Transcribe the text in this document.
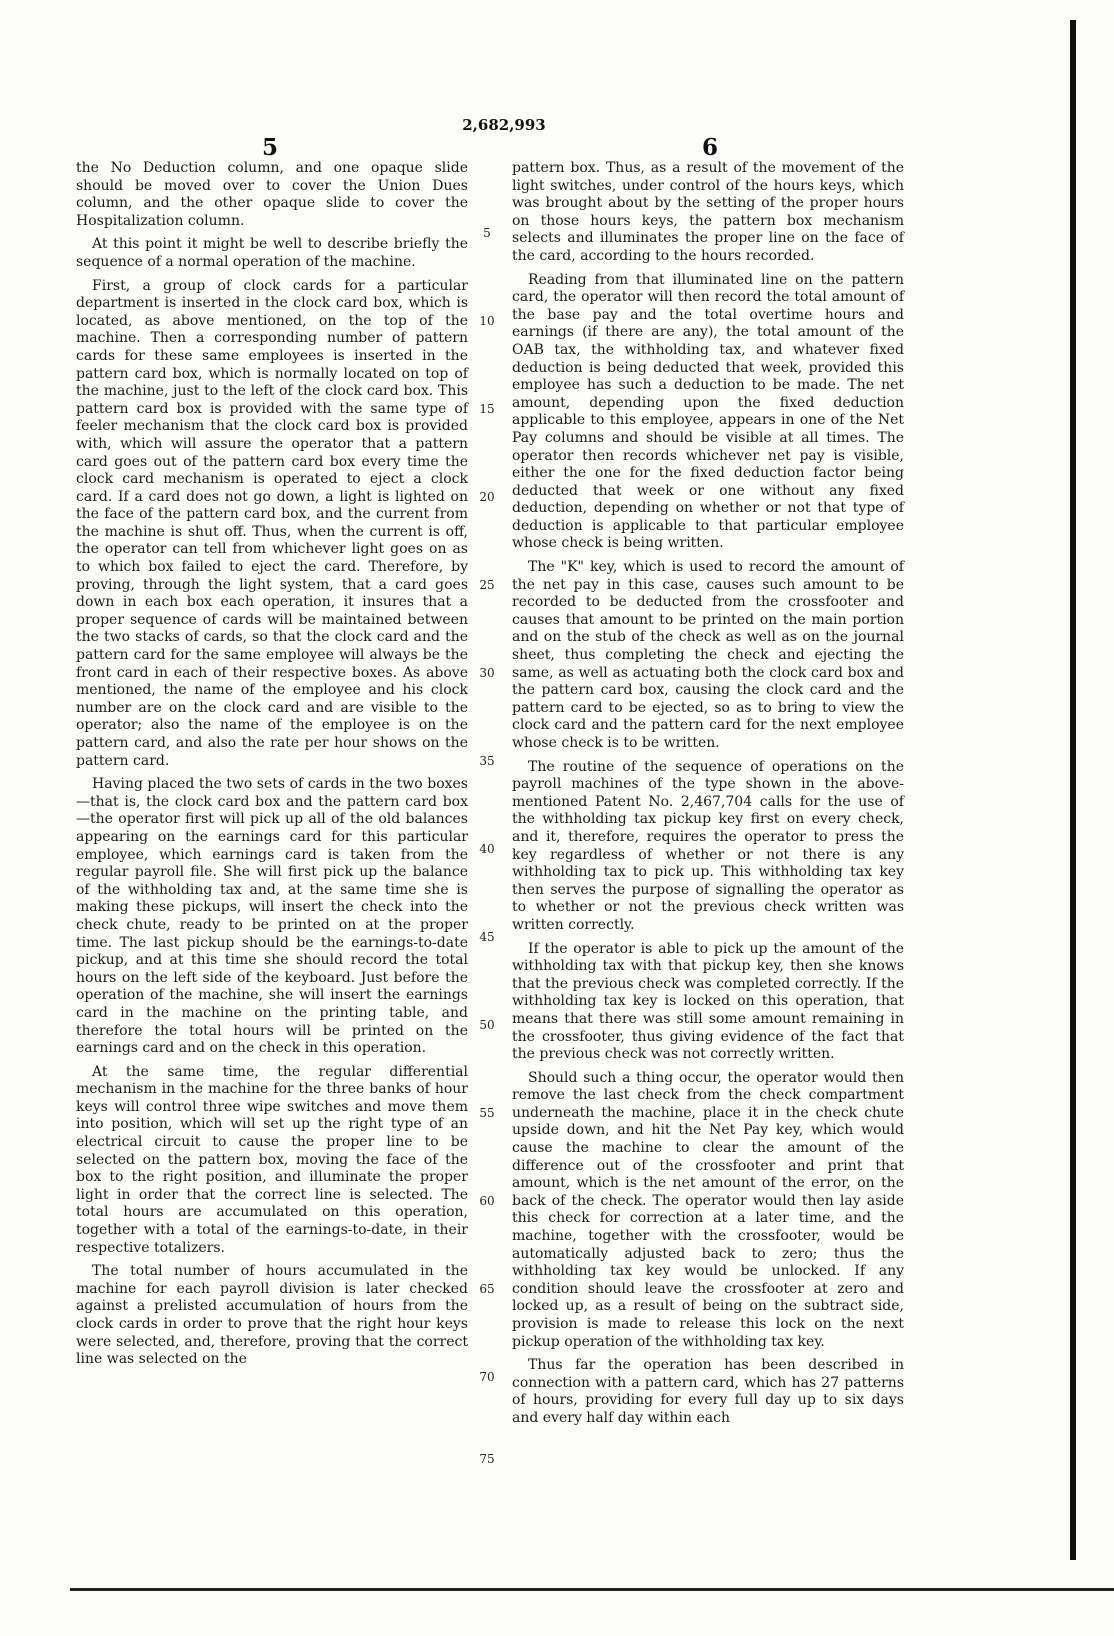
2,682,993
5	6

the No Deduction column, and one opaque slide should be moved over to cover the Union Dues column, and the other opaque slide to cover the Hospitalization column.

At this point it might be well to describe briefly the sequence of a normal operation of the machine.

First, a group of clock cards for a particular department is inserted in the clock card box, which is located, as above mentioned, on the top of the machine. Then a corresponding number of pattern cards for these same employees is inserted in the pattern card box, which is normally located on top of the machine, just to the left of the clock card box. This pattern card box is provided with the same type of feeler mechanism that the clock card box is provided with, which will assure the operator that a pattern card goes out of the pattern card box every time the clock card mechanism is operated to eject a clock card. If a card does not go down, a light is lighted on the face of the pattern card box, and the current from the machine is shut off. Thus, when the current is off, the operator can tell from whichever light goes on as to which box failed to eject the card. Therefore, by proving, through the light system, that a card goes down in each box each operation, it insures that a proper sequence of cards will be maintained between the two stacks of cards, so that the clock card and the pattern card for the same employee will always be the front card in each of their respective boxes. As above mentioned, the name of the employee and his clock number are on the clock card and are visible to the operator; also the name of the employee is on the pattern card, and also the rate per hour shows on the pattern card.

Having placed the two sets of cards in the two boxes—that is, the clock card box and the pattern card box—the operator first will pick up all of the old balances appearing on the earnings card for this particular employee, which earnings card is taken from the regular payroll file. She will first pick up the balance of the withholding tax and, at the same time she is making these pickups, will insert the check into the check chute, ready to be printed on at the proper time. The last pickup should be the earnings-to-date pickup, and at this time she should record the total hours on the left side of the keyboard. Just before the operation of the machine, she will insert the earnings card in the machine on the printing table, and therefore the total hours will be printed on the earnings card and on the check in this operation.

At the same time, the regular differential mechanism in the machine for the three banks of hour keys will control three wipe switches and move them into position, which will set up the right type of an electrical circuit to cause the proper line to be selected on the pattern box, moving the face of the box to the right position, and illuminate the proper light in order that the correct line is selected. The total hours are accumulated on this operation, together with a total of the earnings-to-date, in their respective totalizers.

The total number of hours accumulated in the machine for each payroll division is later checked against a prelisted accumulation of hours from the clock cards in order to prove that the right hour keys were selected, and, therefore, proving that the correct line was selected on the

5
10
15
20
25
30
35
40
45
50
55
60
65
70
75

pattern box. Thus, as a result of the movement of the light switches, under control of the hours keys, which was brought about by the setting of the proper hours on those hours keys, the pattern box mechanism selects and illuminates the proper line on the face of the card, according to the hours recorded.

Reading from that illuminated line on the pattern card, the operator will then record the total amount of the base pay and the total overtime hours and earnings (if there are any), the total amount of the OAB tax, the withholding tax, and whatever fixed deduction is being deducted that week, provided this employee has such a deduction to be made. The net amount, depending upon the fixed deduction applicable to this employee, appears in one of the Net Pay columns and should be visible at all times. The operator then records whichever net pay is visible, either the one for the fixed deduction factor being deducted that week or one without any fixed deduction, depending on whether or not that type of deduction is applicable to that particular employee whose check is being written.

The "K" key, which is used to record the amount of the net pay in this case, causes such amount to be recorded to be deducted from the crossfooter and causes that amount to be printed on the main portion and on the stub of the check as well as on the journal sheet, thus completing the check and ejecting the same, as well as actuating both the clock card box and the pattern card box, causing the clock card and the pattern card to be ejected, so as to bring to view the clock card and the pattern card for the next employee whose check is to be written.

The routine of the sequence of operations on the payroll machines of the type shown in the above-mentioned Patent No. 2,467,704 calls for the use of the withholding tax pickup key first on every check, and it, therefore, requires the operator to press the key regardless of whether or not there is any withholding tax to pick up. This withholding tax key then serves the purpose of signalling the operator as to whether or not the previous check written was written correctly.

If the operator is able to pick up the amount of the withholding tax with that pickup key, then she knows that the previous check was completed correctly. If the withholding tax key is locked on this operation, that means that there was still some amount remaining in the crossfooter, thus giving evidence of the fact that the previous check was not correctly written.

Should such a thing occur, the operator would then remove the last check from the check compartment underneath the machine, place it in the check chute upside down, and hit the Net Pay key, which would cause the machine to clear the amount of the difference out of the crossfooter and print that amount, which is the net amount of the error, on the back of the check. The operator would then lay aside this check for correction at a later time, and the machine, together with the crossfooter, would be automatically adjusted back to zero; thus the withholding tax key would be unlocked. If any condition should leave the crossfooter at zero and locked up, as a result of being on the subtract side, provision is made to release this lock on the next pickup operation of the withholding tax key.

Thus far the operation has been described in connection with a pattern card, which has 27 patterns of hours, providing for every full day up to six days and every half day within each
